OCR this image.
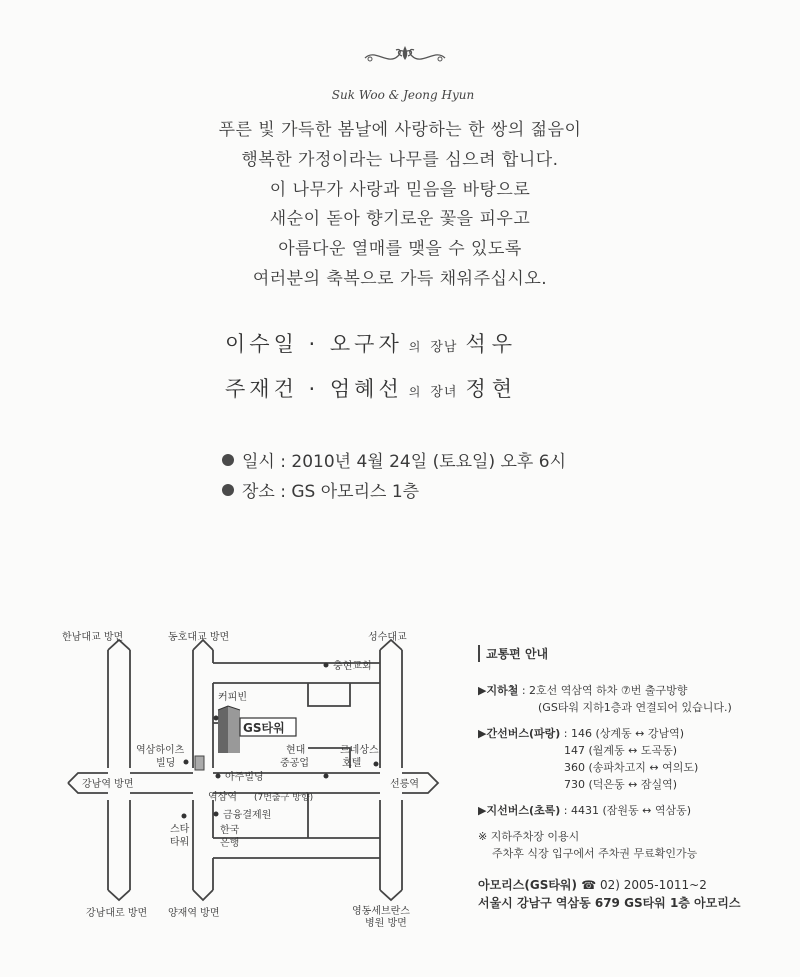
Suk Woo & Jeong Hyun
푸른 빛 가득한 봄날에 사랑하는 한 쌍의 젊음이
행복한 가정이라는 나무를 심으려 합니다.
이 나무가 사랑과 믿음을 바탕으로
새순이 돋아 향기로운 꽃을 피우고
아름다운 열매를 맺을 수 있도록
여러분의 축복으로 가득 채워주십시오.
이수일 · 오구자 의 장남 석우
주재건 · 엄혜선 의 장녀 정현
일시 : 2010년 4월 24일 (토요일) 오후 6시
장소 : GS 아모리스 1층
한남대교 방면	동호대교 방면	성수대교
충현교회
커피빈
GS타워
현대
중공업
르네상스
호텔
역삼하이츠
빌딩
아주빌딩
강남역 방면	선릉역
역삼역 (7번출구 방향)
금융결제원
스타
타워
한국
은행
강남대로 방면 양재역 방면	영동세브란스
병원 방면
교통편 안내
▶지하철 : 2호선 역삼역 하차 ⑦번 출구방향
(GS타워 지하1층과 연결되어 있습니다.)
▶간선버스(파랑) : 146 (상계동 ↔ 강남역)
147 (월계동 ↔ 도곡동)
360 (송파차고지 ↔ 여의도)
730 (덕은동 ↔ 잠실역)
▶지선버스(초록) : 4431 (잠원동 ↔ 역삼동)
※ 지하주차장 이용시
주차후 식장 입구에서 주차권 무료확인가능
아모리스(GS타워) ☎ 02) 2005-1011~2
서울시 강남구 역삼동 679 GS타워 1층 아모리스
